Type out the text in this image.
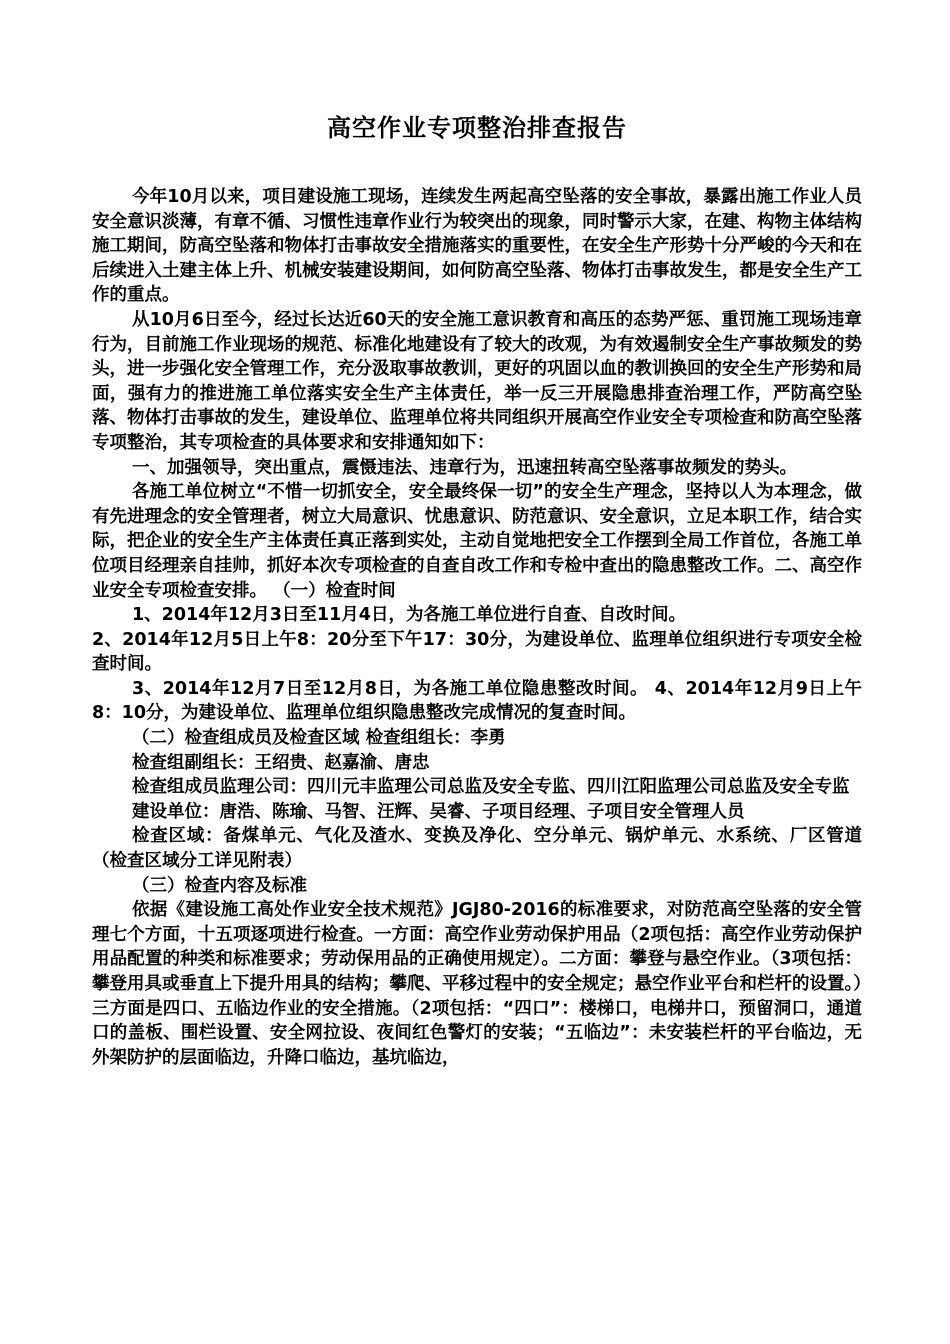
高空作业专项整治排查报告

今年10月以来，项目建设施工现场，连续发生两起高空坠落的安全事故，暴露出施工作业人员安全意识淡薄，有章不循、习惯性违章作业行为较突出的现象，同时警示大家，在建、构物主体结构施工期间，防高空坠落和物体打击事故安全措施落实的重要性，在安全生产形势十分严峻的今天和在后续进入土建主体上升、机械安装建设期间，如何防高空坠落、物体打击事故发生，都是安全生产工作的重点。

从10月6日至今，经过长达近60天的安全施工意识教育和高压的态势严惩、重罚施工现场违章行为，目前施工作业现场的规范、标准化地建设有了较大的改观，为有效遏制安全生产事故频发的势头，进一步强化安全管理工作，充分汲取事故教训，更好的巩固以血的教训换回的安全生产形势和局面，强有力的推进施工单位落实安全生产主体责任，举一反三开展隐患排查治理工作，严防高空坠落、物体打击事故的发生，建设单位、监理单位将共同组织开展高空作业安全专项检查和防高空坠落专项整治，其专项检查的具体要求和安排通知如下：

一、加强领导，突出重点，震慑违法、违章行为，迅速扭转高空坠落事故频发的势头。

各施工单位树立“不惜一切抓安全，安全最终保一切”的安全生产理念，坚持以人为本理念，做有先进理念的安全管理者，树立大局意识、忧患意识、防范意识、安全意识，立足本职工作，结合实际，把企业的安全生产主体责任真正落到实处，主动自觉地把安全工作摆到全局工作首位，各施工单位项目经理亲自挂帅，抓好本次专项检查的自查自改工作和专检中查出的隐患整改工作。二、高空作业安全专项检查安排。 （一）检查时间

1、2014年12月3日至11月4日，为各施工单位进行自查、自改时间。

2、2014年12月5日上午8：20分至下午17：30分，为建设单位、监理单位组织进行专项安全检查时间。

3、2014年12月7日至12月8日，为各施工单位隐患整改时间。 4、2014年12月9日上午8：10分，为建设单位、监理单位组织隐患整改完成情况的复查时间。

（二）检查组成员及检查区域 检查组组长：李勇

检查组副组长：王绍贵、赵嘉渝、唐忠

检查组成员监理公司：四川元丰监理公司总监及安全专监、四川江阳监理公司总监及安全专监

建设单位：唐浩、陈瑜、马智、汪辉、吴睿、子项目经理、子项目安全管理人员

检查区域：备煤单元、气化及渣水、变换及净化、空分单元、锅炉单元、水系统、厂区管道（检查区域分工详见附表）

（三）检查内容及标准

依据《建设施工高处作业安全技术规范》JGJ80-2016的标准要求，对防范高空坠落的安全管理七个方面，十五项逐项进行检查。一方面：高空作业劳动保护用品（2项包括：高空作业劳动保护用品配置的种类和标准要求；劳动保用品的正确使用规定）。二方面：攀登与悬空作业。（3项包括：攀登用具或垂直上下提升用具的结构；攀爬、平移过程中的安全规定；悬空作业平台和栏杆的设置。）三方面是四口、五临边作业的安全措施。（2项包括：“四口”：楼梯口，电梯井口，预留洞口，通道口的盖板、围栏设置、安全网拉设、夜间红色警灯的安装；“五临边”：未安装栏杆的平台临边，无外架防护的层面临边，升降口临边，基坑临边，
